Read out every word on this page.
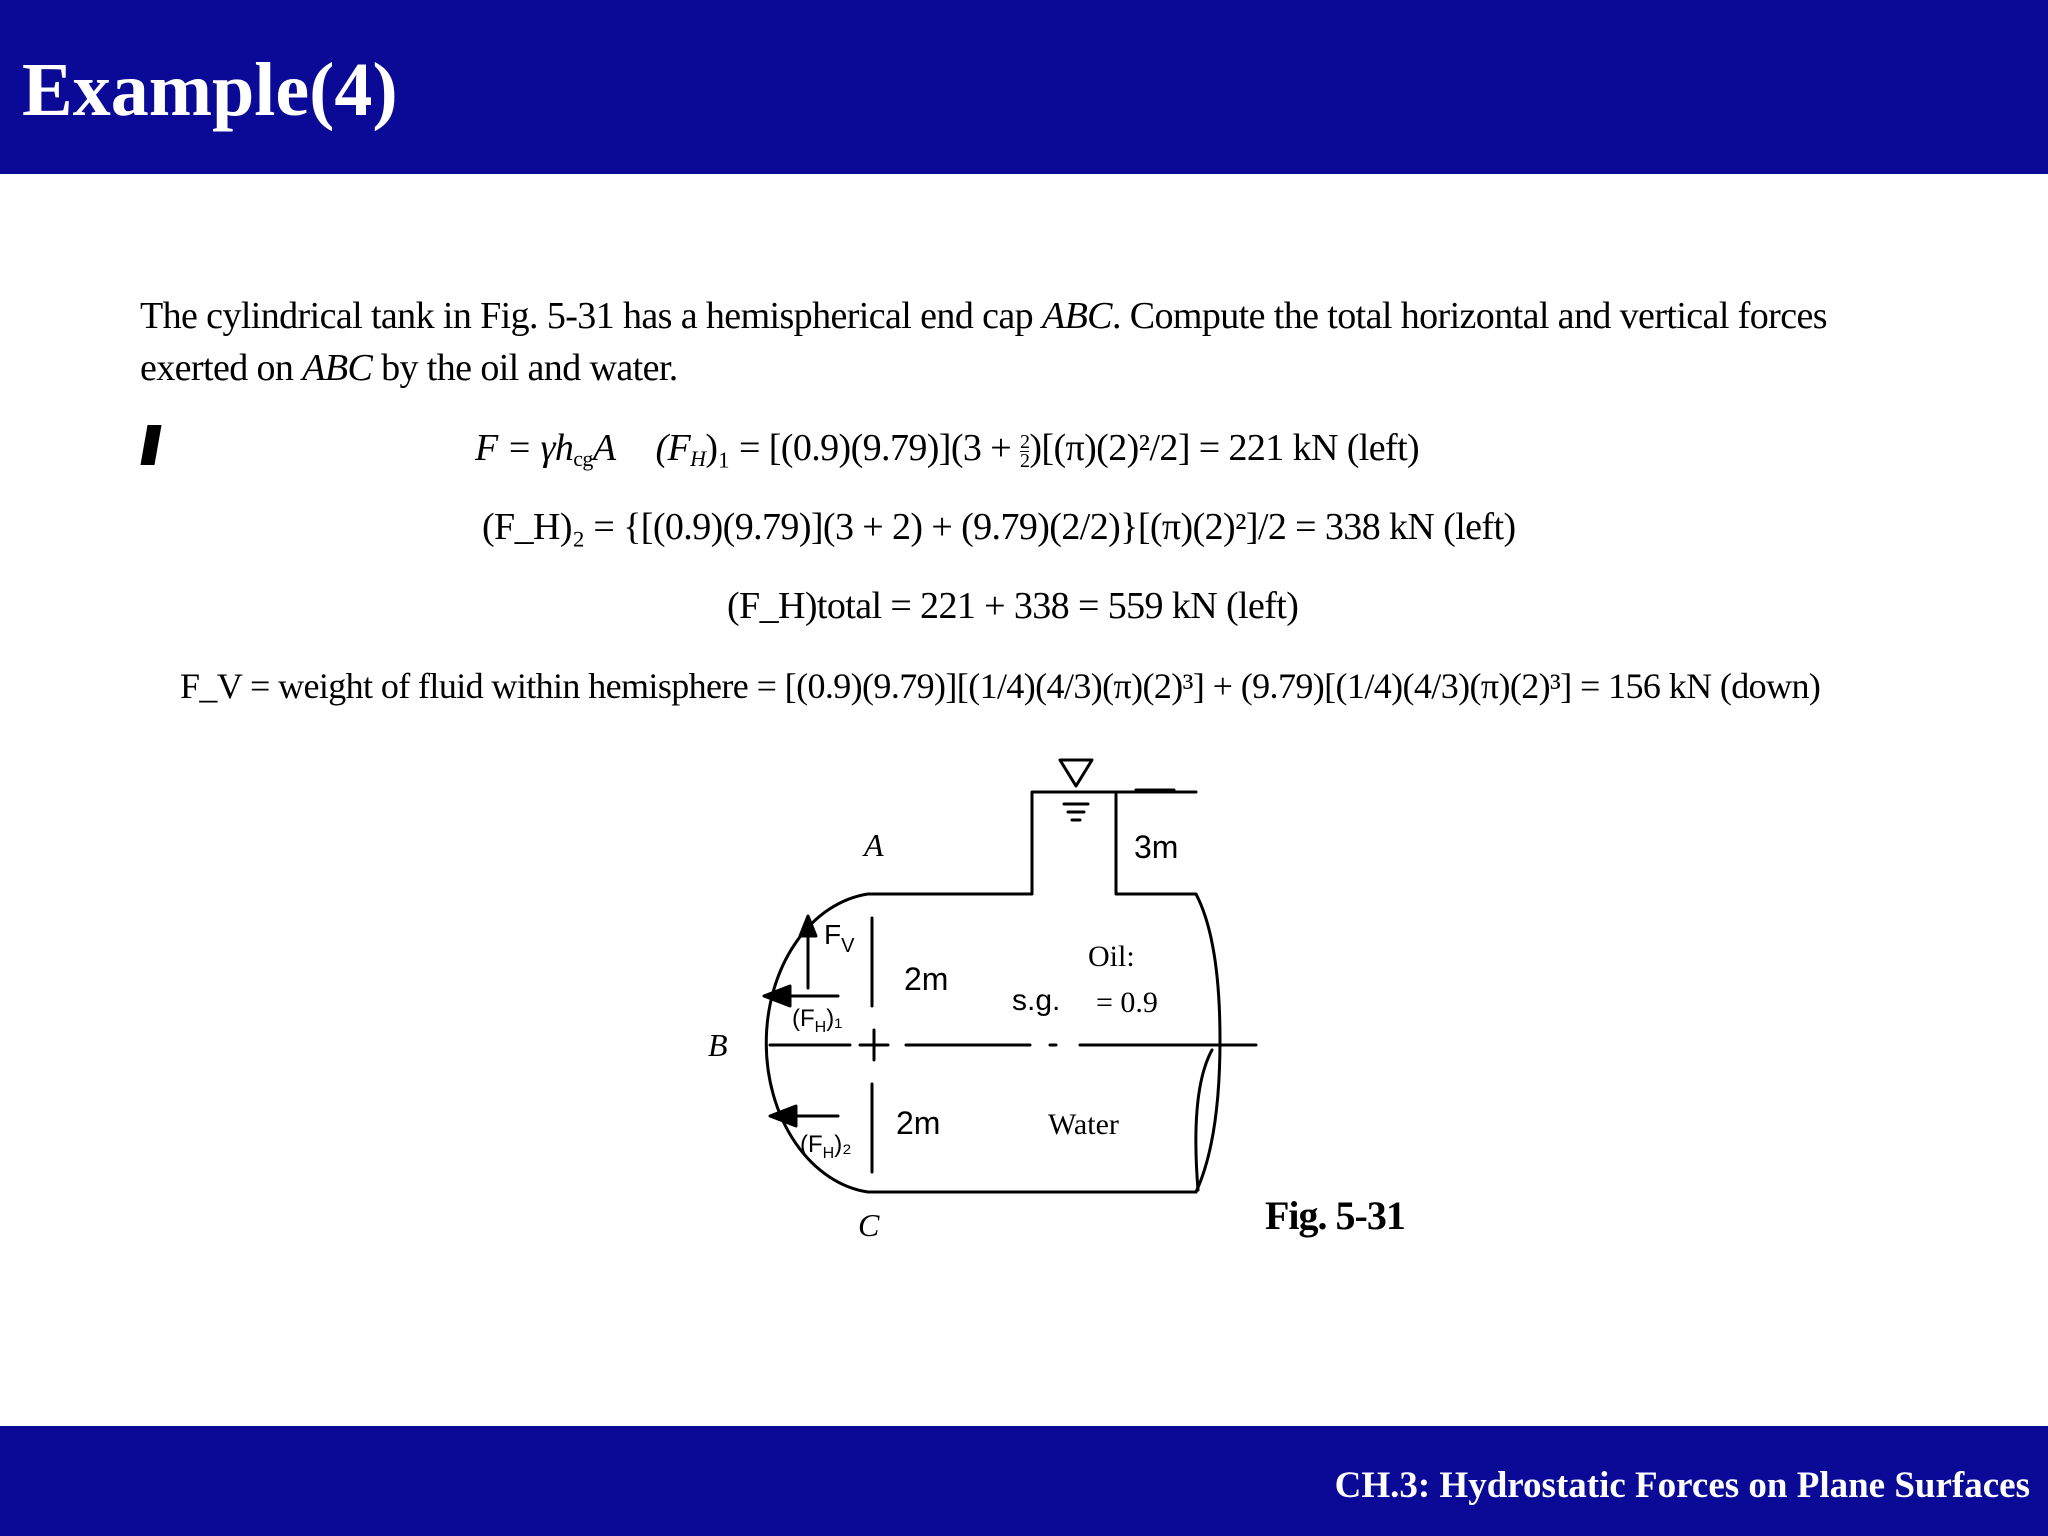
Example(4)
The cylindrical tank in Fig. 5-31 has a hemispherical end cap ABC. Compute the total horizontal and vertical forces exerted on ABC by the oil and water.
$F = \gamma h_{cg}A$ $(F_H)_1 = [(0.9)(9.79)](3 + \frac{2}{2} )[(\pi)(2)^2/2] = 221$ kN (left)
(F_H)₂ = {[(0.9)(9.79)](3 + 2) + (9.79)(2/2)}[(π)(2)²]/2 = 338 kN (left)
(F_H)total = 221 + 338 = 559 kN (left)
F_V = weight of fluid within hemisphere = [(0.9)(9.79)][(1/4)(4/3)(π)(2)³] + (9.79)[(1/4)(4/3)(π)(2)³] = 156 kN (down)
A
B
C
3m
2m
2m
Oil:
s.g. = 0.9
Water
$F_V$
$(F_H)_1$
$(F_H)_2$
Fig. 5-31
CH.3: Hydrostatic Forces on Plane Surfaces
